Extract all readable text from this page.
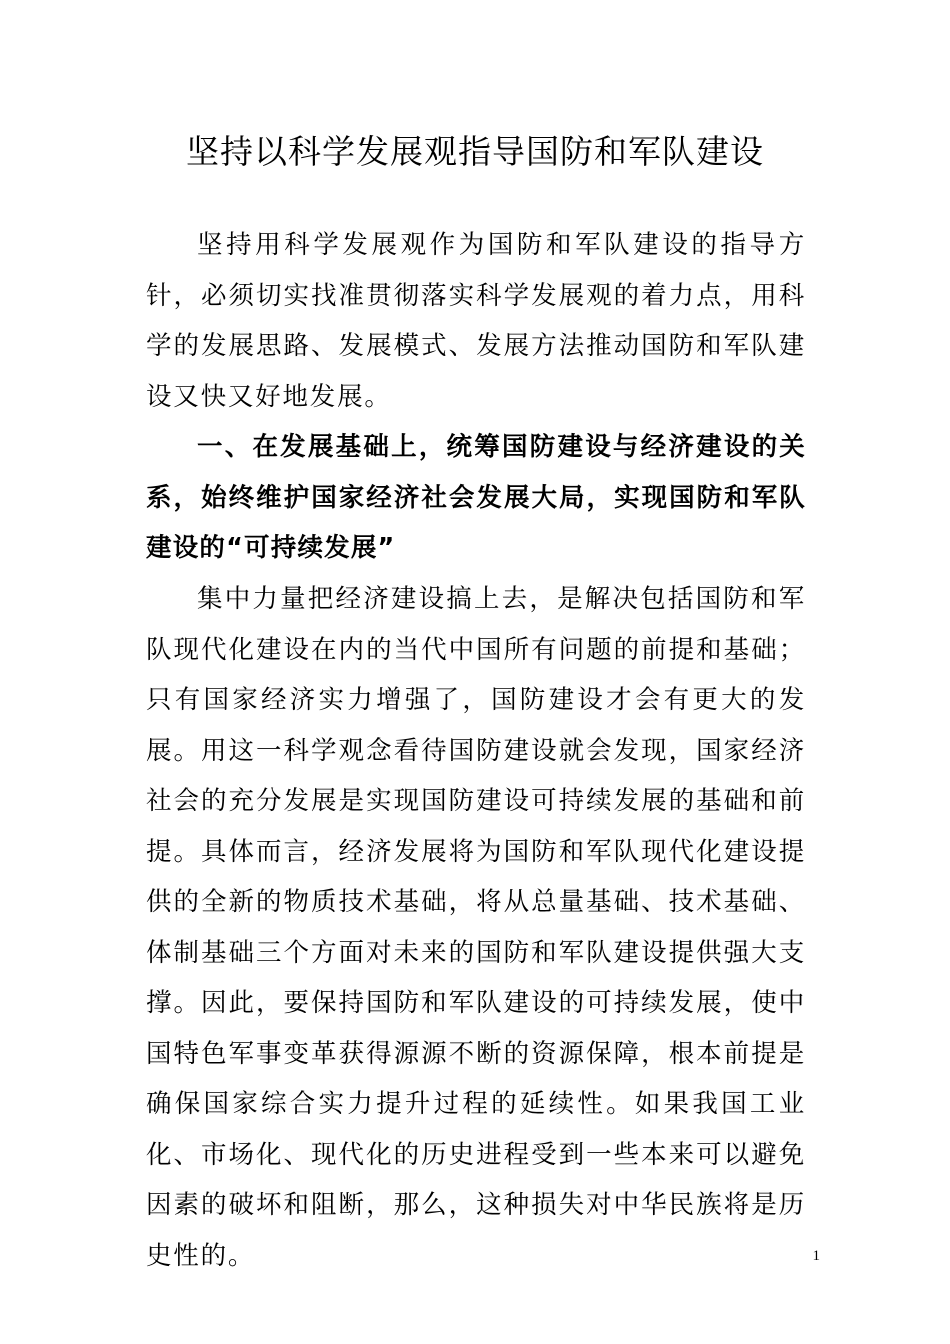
坚持以科学发展观指导国防和军队建设

坚持用科学发展观作为国防和军队建设的指导方针，必须切实找准贯彻落实科学发展观的着力点，用科学的发展思路、发展模式、发展方法推动国防和军队建设又快又好地发展。

一、在发展基础上，统筹国防建设与经济建设的关系，始终维护国家经济社会发展大局，实现国防和军队建设的“可持续发展”

集中力量把经济建设搞上去，是解决包括国防和军队现代化建设在内的当代中国所有问题的前提和基础；只有国家经济实力增强了，国防建设才会有更大的发展。用这一科学观念看待国防建设就会发现，国家经济社会的充分发展是实现国防建设可持续发展的基础和前提。具体而言，经济发展将为国防和军队现代化建设提供的全新的物质技术基础，将从总量基础、技术基础、体制基础三个方面对未来的国防和军队建设提供强大支撑。因此，要保持国防和军队建设的可持续发展，使中国特色军事变革获得源源不断的资源保障，根本前提是确保国家综合实力提升过程的延续性。如果我国工业化、市场化、现代化的历史进程受到一些本来可以避免因素的破坏和阻断，那么，这种损失对中华民族将是历史性的。	1
